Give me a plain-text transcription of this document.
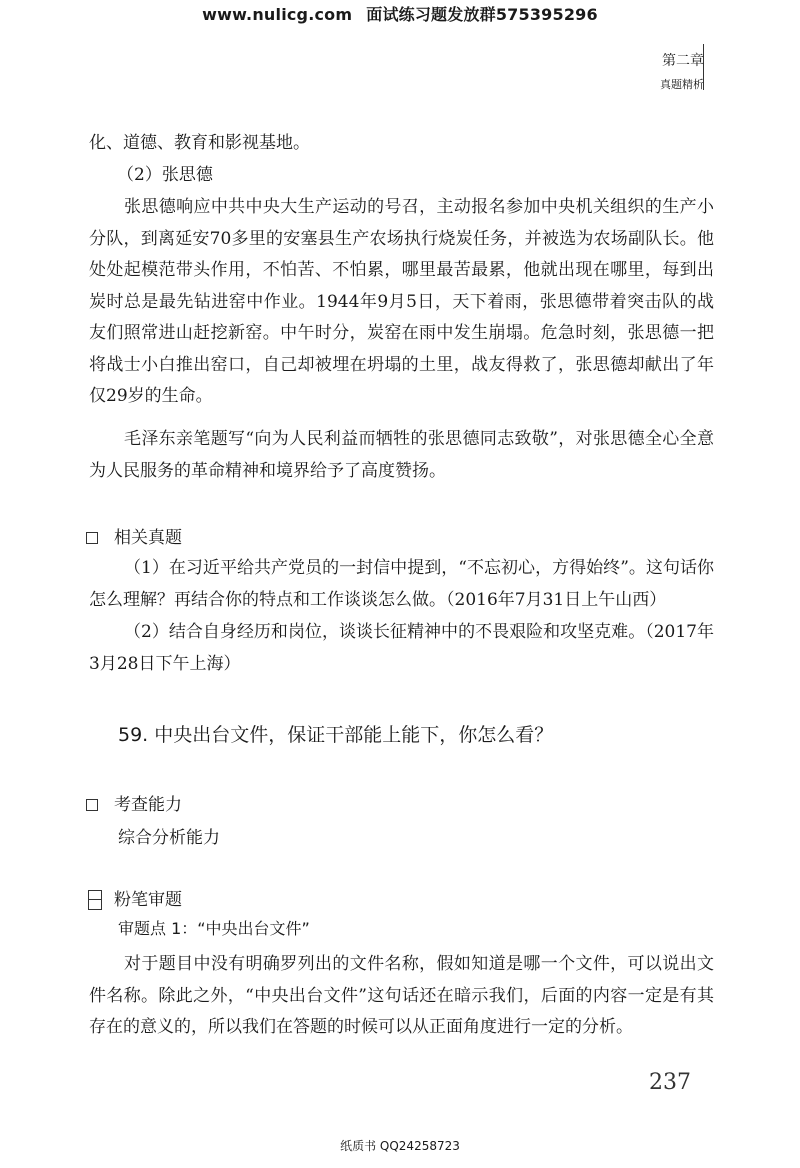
www.nulicg.com 面试练习题发放群575395296
第二章
真题精析
化、道德、教育和影视基地。
（2）张思德
张思德响应中共中央大生产运动的号召，主动报名参加中央机关组织的生产小分队，到离延安70多里的安塞县生产农场执行烧炭任务，并被选为农场副队长。他处处起模范带头作用，不怕苦、不怕累，哪里最苦最累，他就出现在哪里，每到出炭时总是最先钻进窑中作业。1944年9月5日，天下着雨，张思德带着突击队的战友们照常进山赶挖新窑。中午时分，炭窑在雨中发生崩塌。危急时刻，张思德一把将战士小白推出窑口，自己却被埋在坍塌的土里，战友得救了，张思德却献出了年仅29岁的生命。
毛泽东亲笔题写“向为人民利益而牺牲的张思德同志致敬”，对张思德全心全意为人民服务的革命精神和境界给予了高度赞扬。
相关真题
（1）在习近平给共产党员的一封信中提到，“不忘初心，方得始终”。这句话你怎么理解？再结合你的特点和工作谈谈怎么做。（2016年7月31日上午山西）
（2）结合自身经历和岗位，谈谈长征精神中的不畏艰险和攻坚克难。（2017年3月28日下午上海）
59. 中央出台文件，保证干部能上能下，你怎么看？
考查能力
综合分析能力
粉笔审题
审题点 1：“中央出台文件”
对于题目中没有明确罗列出的文件名称，假如知道是哪一个文件，可以说出文件名称。除此之外，“中央出台文件”这句话还在暗示我们，后面的内容一定是有其存在的意义的，所以我们在答题的时候可以从正面角度进行一定的分析。
237
纸质书 QQ24258723
